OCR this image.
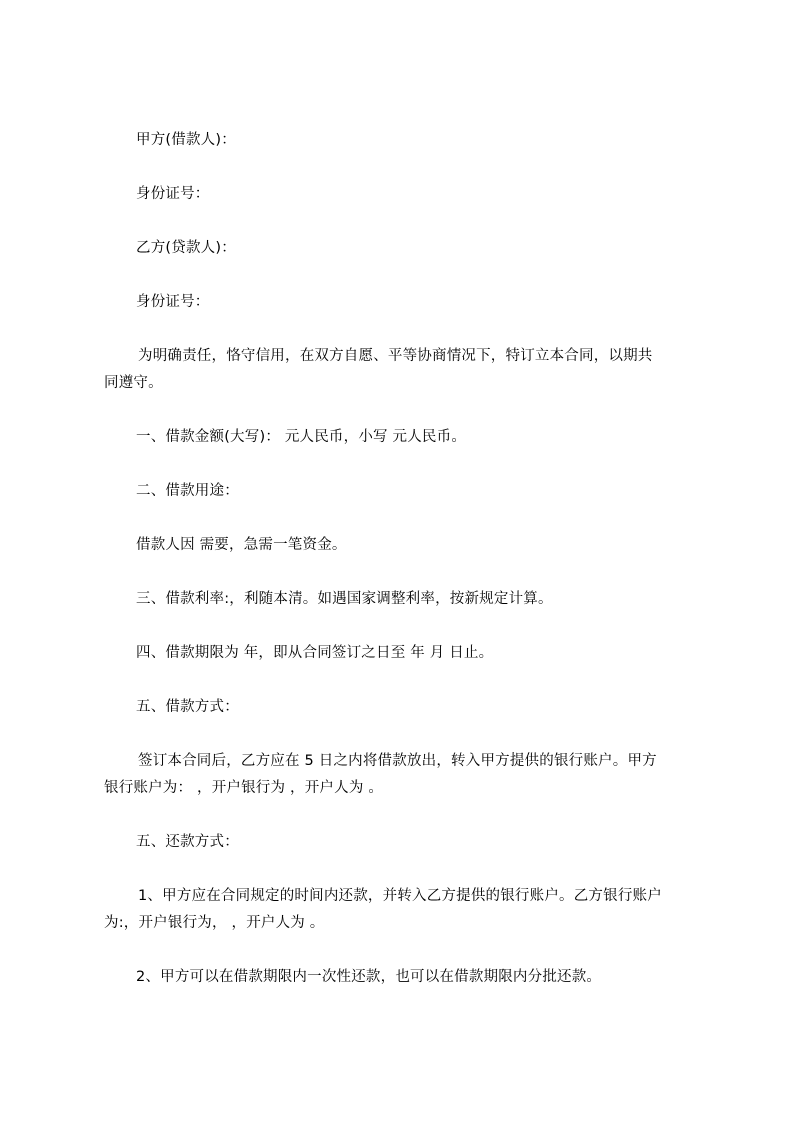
甲方(借款人)：

身份证号：

乙方(贷款人)：

身份证号：

为明确责任，恪守信用，在双方自愿、平等协商情况下，特订立本合同，以期共

同遵守。

一、借款金额(大写)： 元人民币，小写 元人民币。

二、借款用途：

借款人因 需要，急需一笔资金。

三、借款利率:，利随本清。如遇国家调整利率，按新规定计算。

四、借款期限为 年，即从合同签订之日至 年 月 日止。

五、借款方式：

签订本合同后，乙方应在 5 日之内将借款放出，转入甲方提供的银行账户。甲方

银行账户为： ，开户银行为 ，开户人为 。

五、还款方式：

1、甲方应在合同规定的时间内还款，并转入乙方提供的银行账户。乙方银行账户

为:，开户银行为， ，开户人为 。

2、甲方可以在借款期限内一次性还款，也可以在借款期限内分批还款。
